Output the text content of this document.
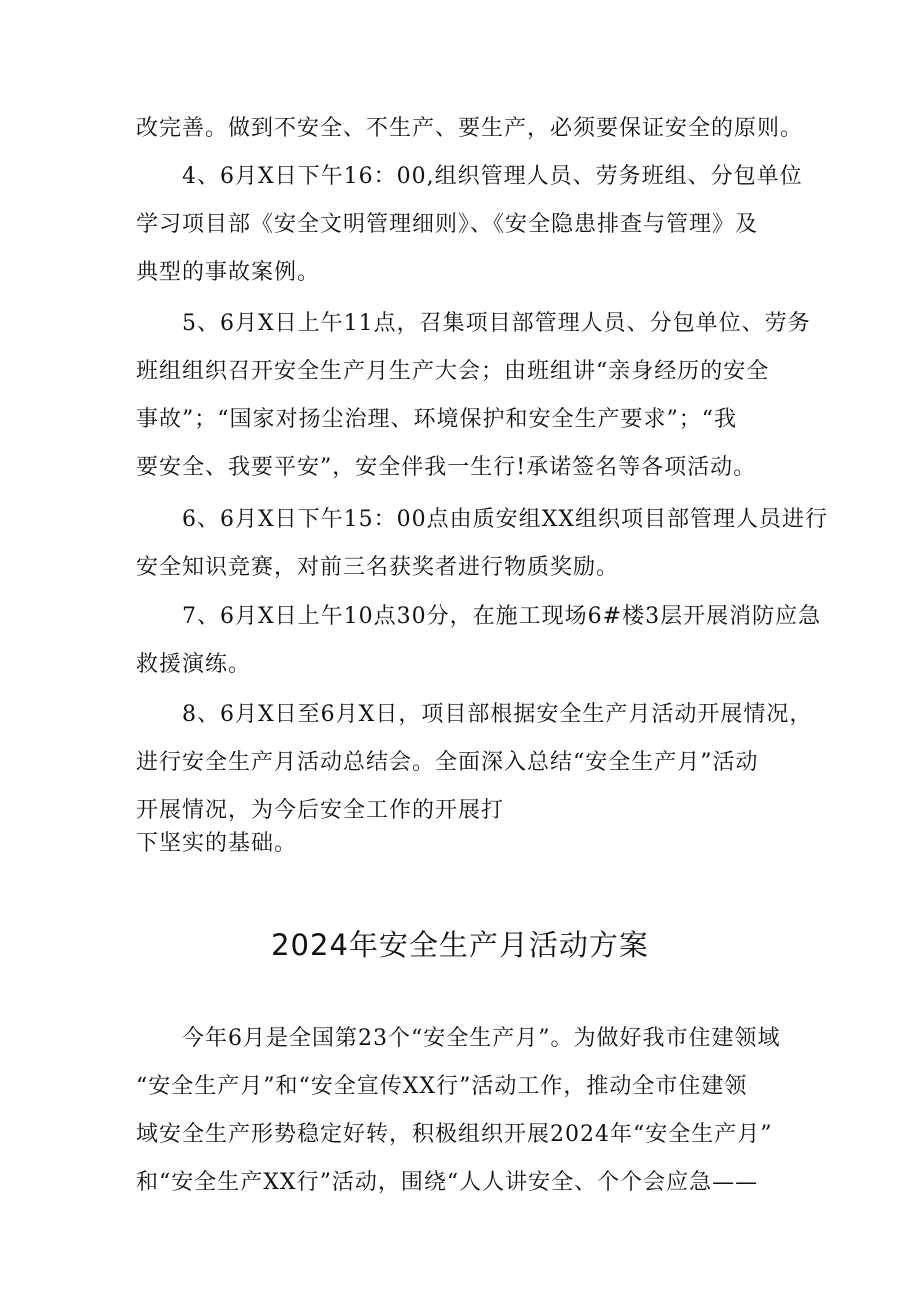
改完善。做到不安全、不生产、要生产，必须要保证安全的原则。
4、6月X日下午16：00,组织管理人员、劳务班组、分包单位
学习项目部《安全文明管理细则》、《安全隐患排查与管理》及
典型的事故案例。
5、6月X日上午11点，召集项目部管理人员、分包单位、劳务
班组组织召开安全生产月生产大会；由班组讲“亲身经历的安全
事故”；“国家对扬尘治理、环境保护和安全生产要求”；“我
要安全、我要平安”，安全伴我一生行!承诺签名等各项活动。
6、6月X日下午15：00点由质安组XX组织项目部管理人员进行
安全知识竞赛，对前三名获奖者进行物质奖励。
7、6月X日上午10点30分，在施工现场6#楼3层开展消防应急
救援演练。
8、6月X日至6月X日，项目部根据安全生产月活动开展情况，
进行安全生产月活动总结会。全面深入总结“安全生产月”活动
开展情况，为今后安全工作的开展打
下坚实的基础。
2024年安全生产月活动方案
今年6月是全国第23个“安全生产月”。为做好我市住建领域
“安全生产月”和“安全宣传XX行”活动工作，推动全市住建领
域安全生产形势稳定好转，积极组织开展2024年“安全生产月”
和“安全生产XX行”活动，围绕“人人讲安全、个个会应急——
